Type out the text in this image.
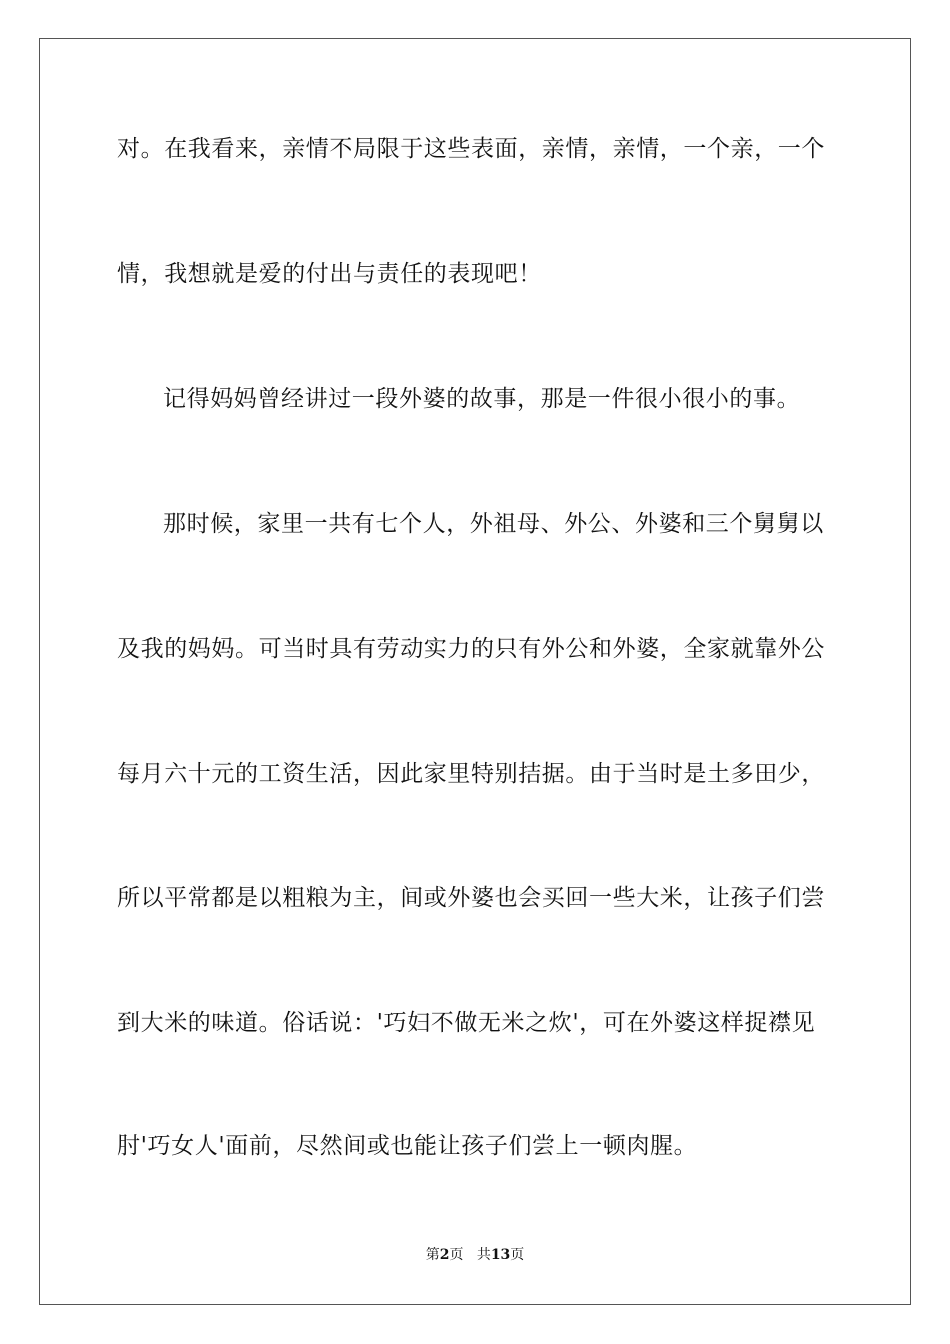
对。在我看来，亲情不局限于这些表面，亲情，亲情，一个亲，一个
情，我想就是爱的付出与责任的表现吧！
记得妈妈曾经讲过一段外婆的故事，那是一件很小很小的事。
那时候，家里一共有七个人，外祖母、外公、外婆和三个舅舅以
及我的妈妈。可当时具有劳动实力的只有外公和外婆，全家就靠外公
每月六十元的工资生活，因此家里特别拮据。由于当时是土多田少，
所以平常都是以粗粮为主，间或外婆也会买回一些大米，让孩子们尝
到大米的味道。俗话说：'巧妇不做无米之炊'，可在外婆这样捉襟见
肘'巧女人'面前，尽然间或也能让孩子们尝上一顿肉腥。
第2页 共13页
